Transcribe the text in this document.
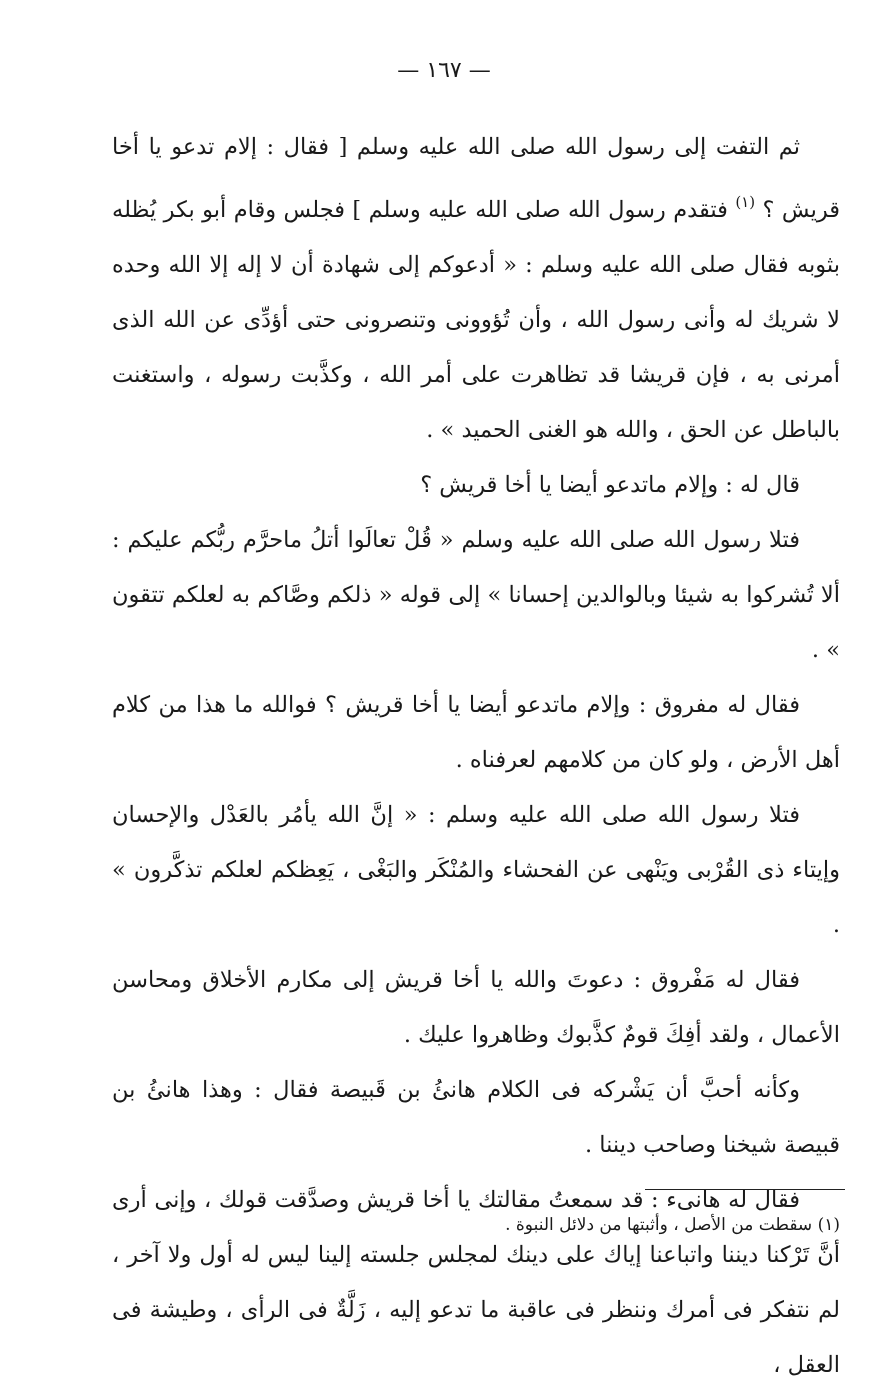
— ١٦٧ —

ثم التفت إلى رسول الله صلى الله عليه وسلم [ فقال : إلام تدعو يا أخا قريش ؟ $^{(١)}$ فتقدم رسول الله صلى الله عليه وسلم ] فجلس وقام أبو بكر يُظله بثوبه فقال صلى الله عليه وسلم : « أدعوكم إلى شهادة أن لا إله إلا الله وحده لا شريك له وأنى رسول الله ، وأن تُؤوونى وتنصرونى حتى أؤدِّى عن الله الذى أمرنى به ، فإن قريشا قد تظاهرت على أمر الله ، وكذَّبت رسوله ، واستغنت بالباطل عن الحق ، والله هو الغنى الحميد » .

قال له : وإلام ماتدعو أيضا يا أخا قريش ؟

فتلا رسول الله صلى الله عليه وسلم « قُلْ تعالَوا أتلُ ماحرَّم ربُّكم عليكم : ألا تُشركوا به شيئا وبالوالدين إحسانا » إلى قوله « ذلكم وصَّاكم به لعلكم تتقون » .

فقال له مفروق : وإلام ماتدعو أيضا يا أخا قريش ؟ فوالله ما هذا من كلام أهل الأرض ، ولو كان من كلامهم لعرفناه .

فتلا رسول الله صلى الله عليه وسلم : « إنَّ الله يأمُر بالعَدْل والإحسان وإيتاء ذى القُرْبى ويَنْهى عن الفحشاء والمُنْكَر والبَغْى ، يَعِظكم لعلكم تذكَّرون » .

فقال له مَفْروق : دعوتَ والله يا أخا قريش إلى مكارم الأخلاق ومحاسن الأعمال ، ولقد أفِكَ قومٌ كذَّبوك وظاهروا عليك .

وكأنه أحبَّ أن يَشْركه فى الكلام هانئُ بن قَبيصة فقال : وهذا هانئُ بن قبيصة شيخنا وصاحب ديننا .

فقال له هانىء : قد سمعتُ مقالتك يا أخا قريش وصدَّقت قولك ، وإنى أرى أنَّ تَرْكنا ديننا واتباعنا إياك على دينك لمجلس جلسته إلينا ليس له أول ولا آخر ، لم نتفكر فى أمرك وننظر فى عاقبة ما تدعو إليه ، زَلَّةٌ فى الرأى ، وطيشة فى العقل ،

(١) سقطت من الأصل ، وأثبتها من دلائل النبوة .
